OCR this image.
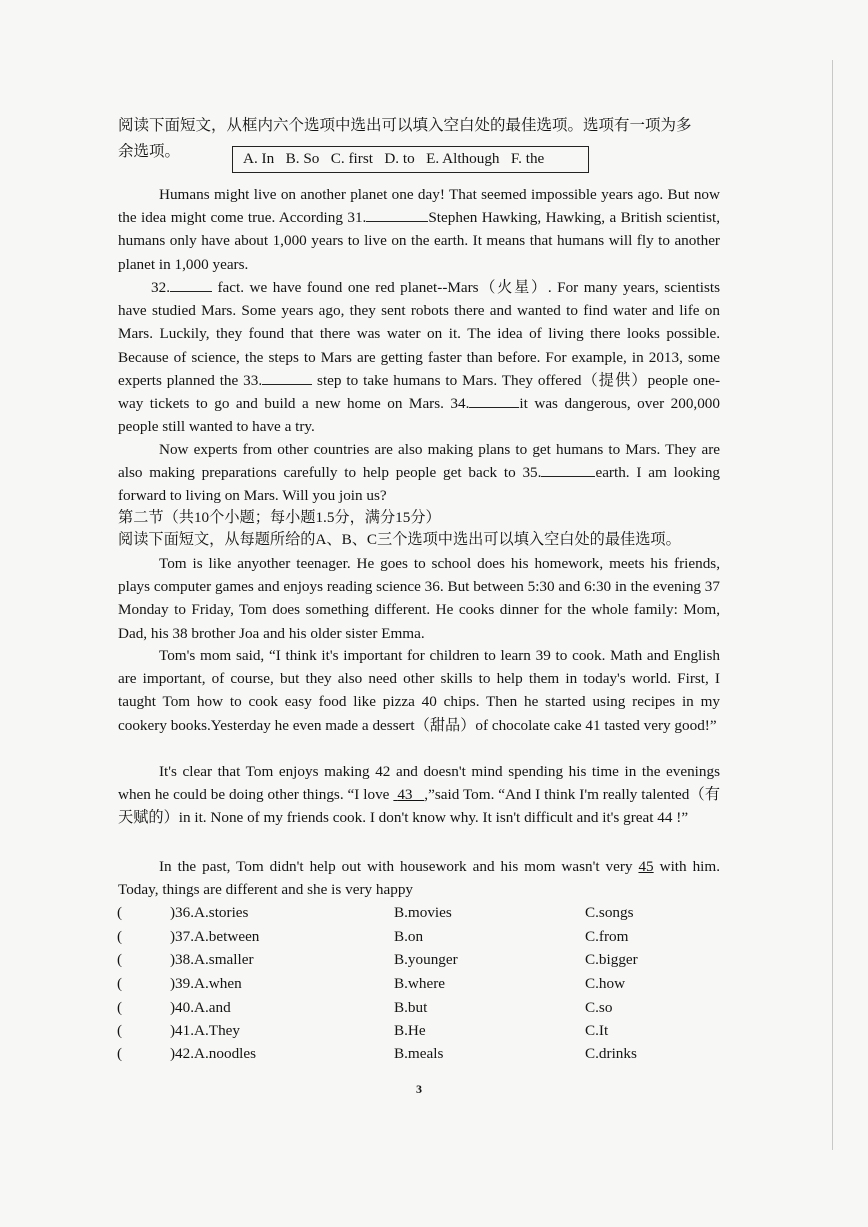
阅读下面短文，从框内六个选项中选出可以填入空白处的最佳选项。选项有一项为多
余选项。	A. In   B. So   C. first   D. to   E. Although   F. the
Humans might live on another planet one day! That seemed impossible years ago. But now the idea might come true. According 31.	Stephen Hawking, Hawking, a British scientist, humans only have about 1,000 years to live on the earth. It means that humans will fly to another planet in 1,000 years.
32.	fact. we have found one red planet--Mars（火星）. For many years, scientists have studied Mars. Some years ago, they sent robots there and wanted to find water and life on Mars. Luckily, they found that there was water on it. The idea of living there looks possible. Because of science, the steps to Mars are getting faster than before. For example, in 2013, some experts planned the 33.	step to take humans to Mars. They offered（提供）people one-way tickets to go and build a new home on Mars. 34.	it was dangerous, over 200,000 people still wanted to have a try.
Now experts from other countries are also making plans to get humans to Mars. They are also making preparations carefully to help people get back to 35.	earth. I am looking forward to living on Mars. Will you join us?
第二节（共10个小题；每小题1.5分，满分15分）
阅读下面短文，从每题所给的A、B、C三个选项中选出可以填入空白处的最佳选项。
Tom is like anyother teenager. He goes to school does his homework, meets his friends, plays computer games and enjoys reading science 36. But between 5:30 and 6:30 in the evening 37 Monday to Friday, Tom does something different. He cooks dinner for the whole family: Mom, Dad, his 38 brother Joa and his older sister Emma.
Tom's mom said, “I think it's important for children to learn 39 to cook. Math and English are important, of course, but they also need other skills to help them in today's world. First, I taught Tom how to cook easy food like pizza 40 chips. Then he started using recipes in my cookery books.Yesterday he even made a dessert（甜品）of chocolate cake 41 tasted very good!”
It's clear that Tom enjoys making 42 and doesn't mind spending his time in the evenings when he could be doing other things. “I love 43 ,”said Tom. “And I think I'm really talented（有天赋的）in it. None of my friends cook. I don't know why. It isn't difficult and it's great 44 !”
In the past, Tom didn't help out with housework and his mom wasn't very 45 with him. Today, things are different and she is very happy
(	)36.A.stories	B.movies	C.songs
(	)37.A.between	B.on	C.from
(	)38.A.smaller	B.younger	C.bigger
(	)39.A.when	B.where	C.how
(	)40.A.and	B.but	C.so
(	)41.A.They	B.He	C.It
(	)42.A.noodles	B.meals	C.drinks
3
